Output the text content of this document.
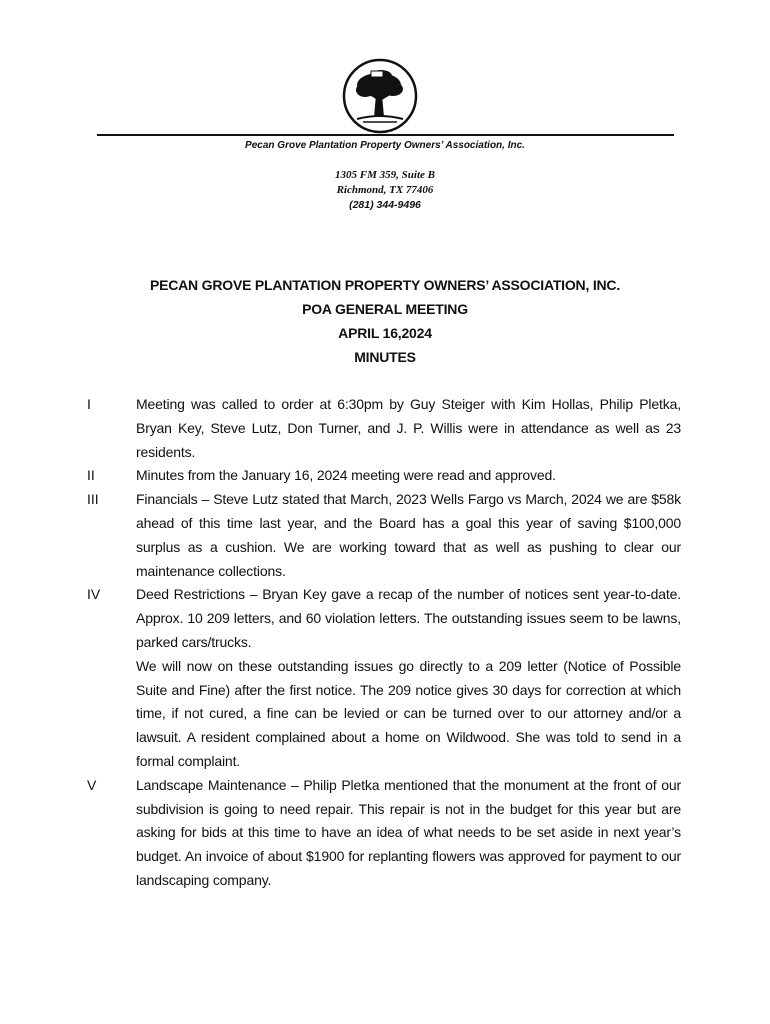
Pecan Grove Plantation Property Owners’ Association, Inc.
1305 FM 359, Suite B
Richmond, TX 77406
(281) 344-9496
PECAN GROVE PLANTATION PROPERTY OWNERS’ ASSOCIATION, INC.
POA GENERAL MEETING
APRIL 16,2024
MINUTES
I	Meeting was called to order at 6:30pm by Guy Steiger with Kim Hollas, Philip Pletka, Bryan Key, Steve Lutz, Don Turner, and J. P. Willis were in attendance as well as 23 residents.
II	Minutes from the January 16, 2024 meeting were read and approved.
III	Financials – Steve Lutz stated that March, 2023 Wells Fargo vs March, 2024 we are $58k ahead of this time last year, and the Board has a goal this year of saving $100,000 surplus as a cushion. We are working toward that as well as pushing to clear our maintenance collections.
IV	Deed Restrictions – Bryan Key gave a recap of the number of notices sent year-to-date. Approx. 10 209 letters, and 60 violation letters. The outstanding issues seem to be lawns, parked cars/trucks.
We will now on these outstanding issues go directly to a 209 letter (Notice of Possible Suite and Fine) after the first notice. The 209 notice gives 30 days for correction at which time, if not cured, a fine can be levied or can be turned over to our attorney and/or a lawsuit. A resident complained about a home on Wildwood. She was told to send in a formal complaint.
V	Landscape Maintenance – Philip Pletka mentioned that the monument at the front of our subdivision is going to need repair. This repair is not in the budget for this year but are asking for bids at this time to have an idea of what needs to be set aside in next year’s budget. An invoice of about $1900 for replanting flowers was approved for payment to our landscaping company.
